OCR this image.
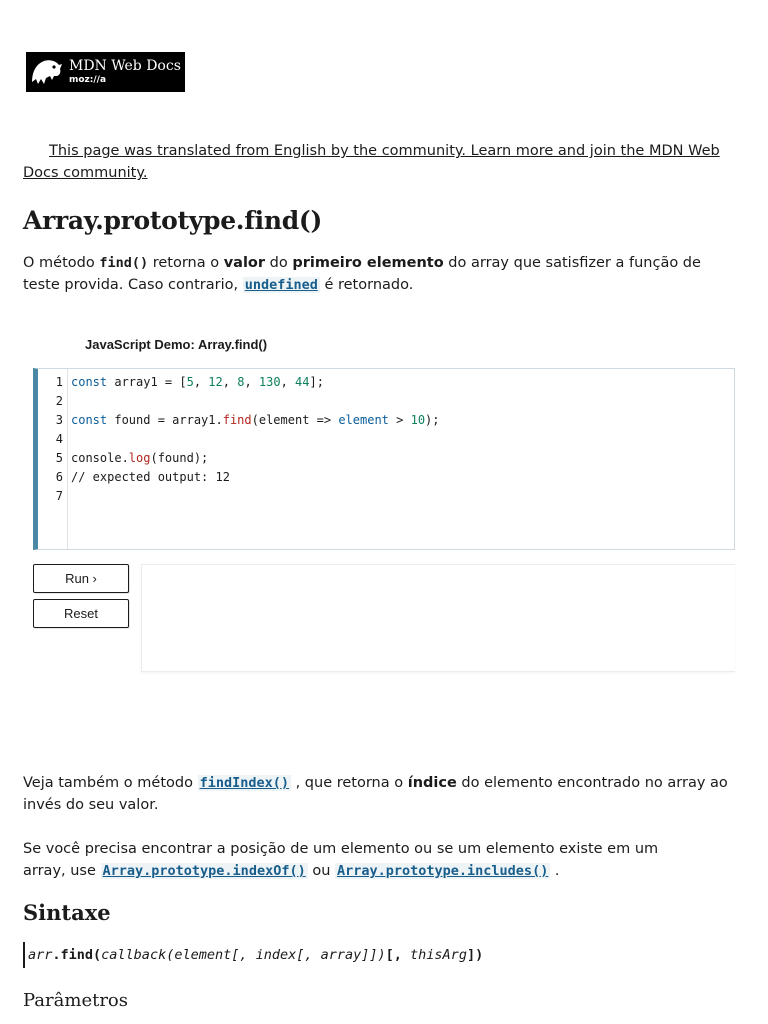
MDN Web Docs
moz://a
This page was translated from English by the community. Learn more and join the MDN Web Docs community.
Array.prototype.find()
O método find() retorna o valor do primeiro elemento do array que satisfizer a função de teste provida. Caso contrario, undefined é retornado.
JavaScript Demo: Array.find()
1
2
3
4
5
6
7
const array1 = [5, 12, 8, 130, 44];
const found = array1.find(element => element > 10);
console.log(found);
// expected output: 12
Run ›
Reset
Veja também o método findIndex() , que retorna o índice do elemento encontrado no array ao invés do seu valor.
Se você precisa encontrar a posição de um elemento ou se um elemento existe em um array, use Array.prototype.indexOf() ou Array.prototype.includes() .
Sintaxe
arr.find(callback(element[, index[, array]])[, thisArg])
Parâmetros
